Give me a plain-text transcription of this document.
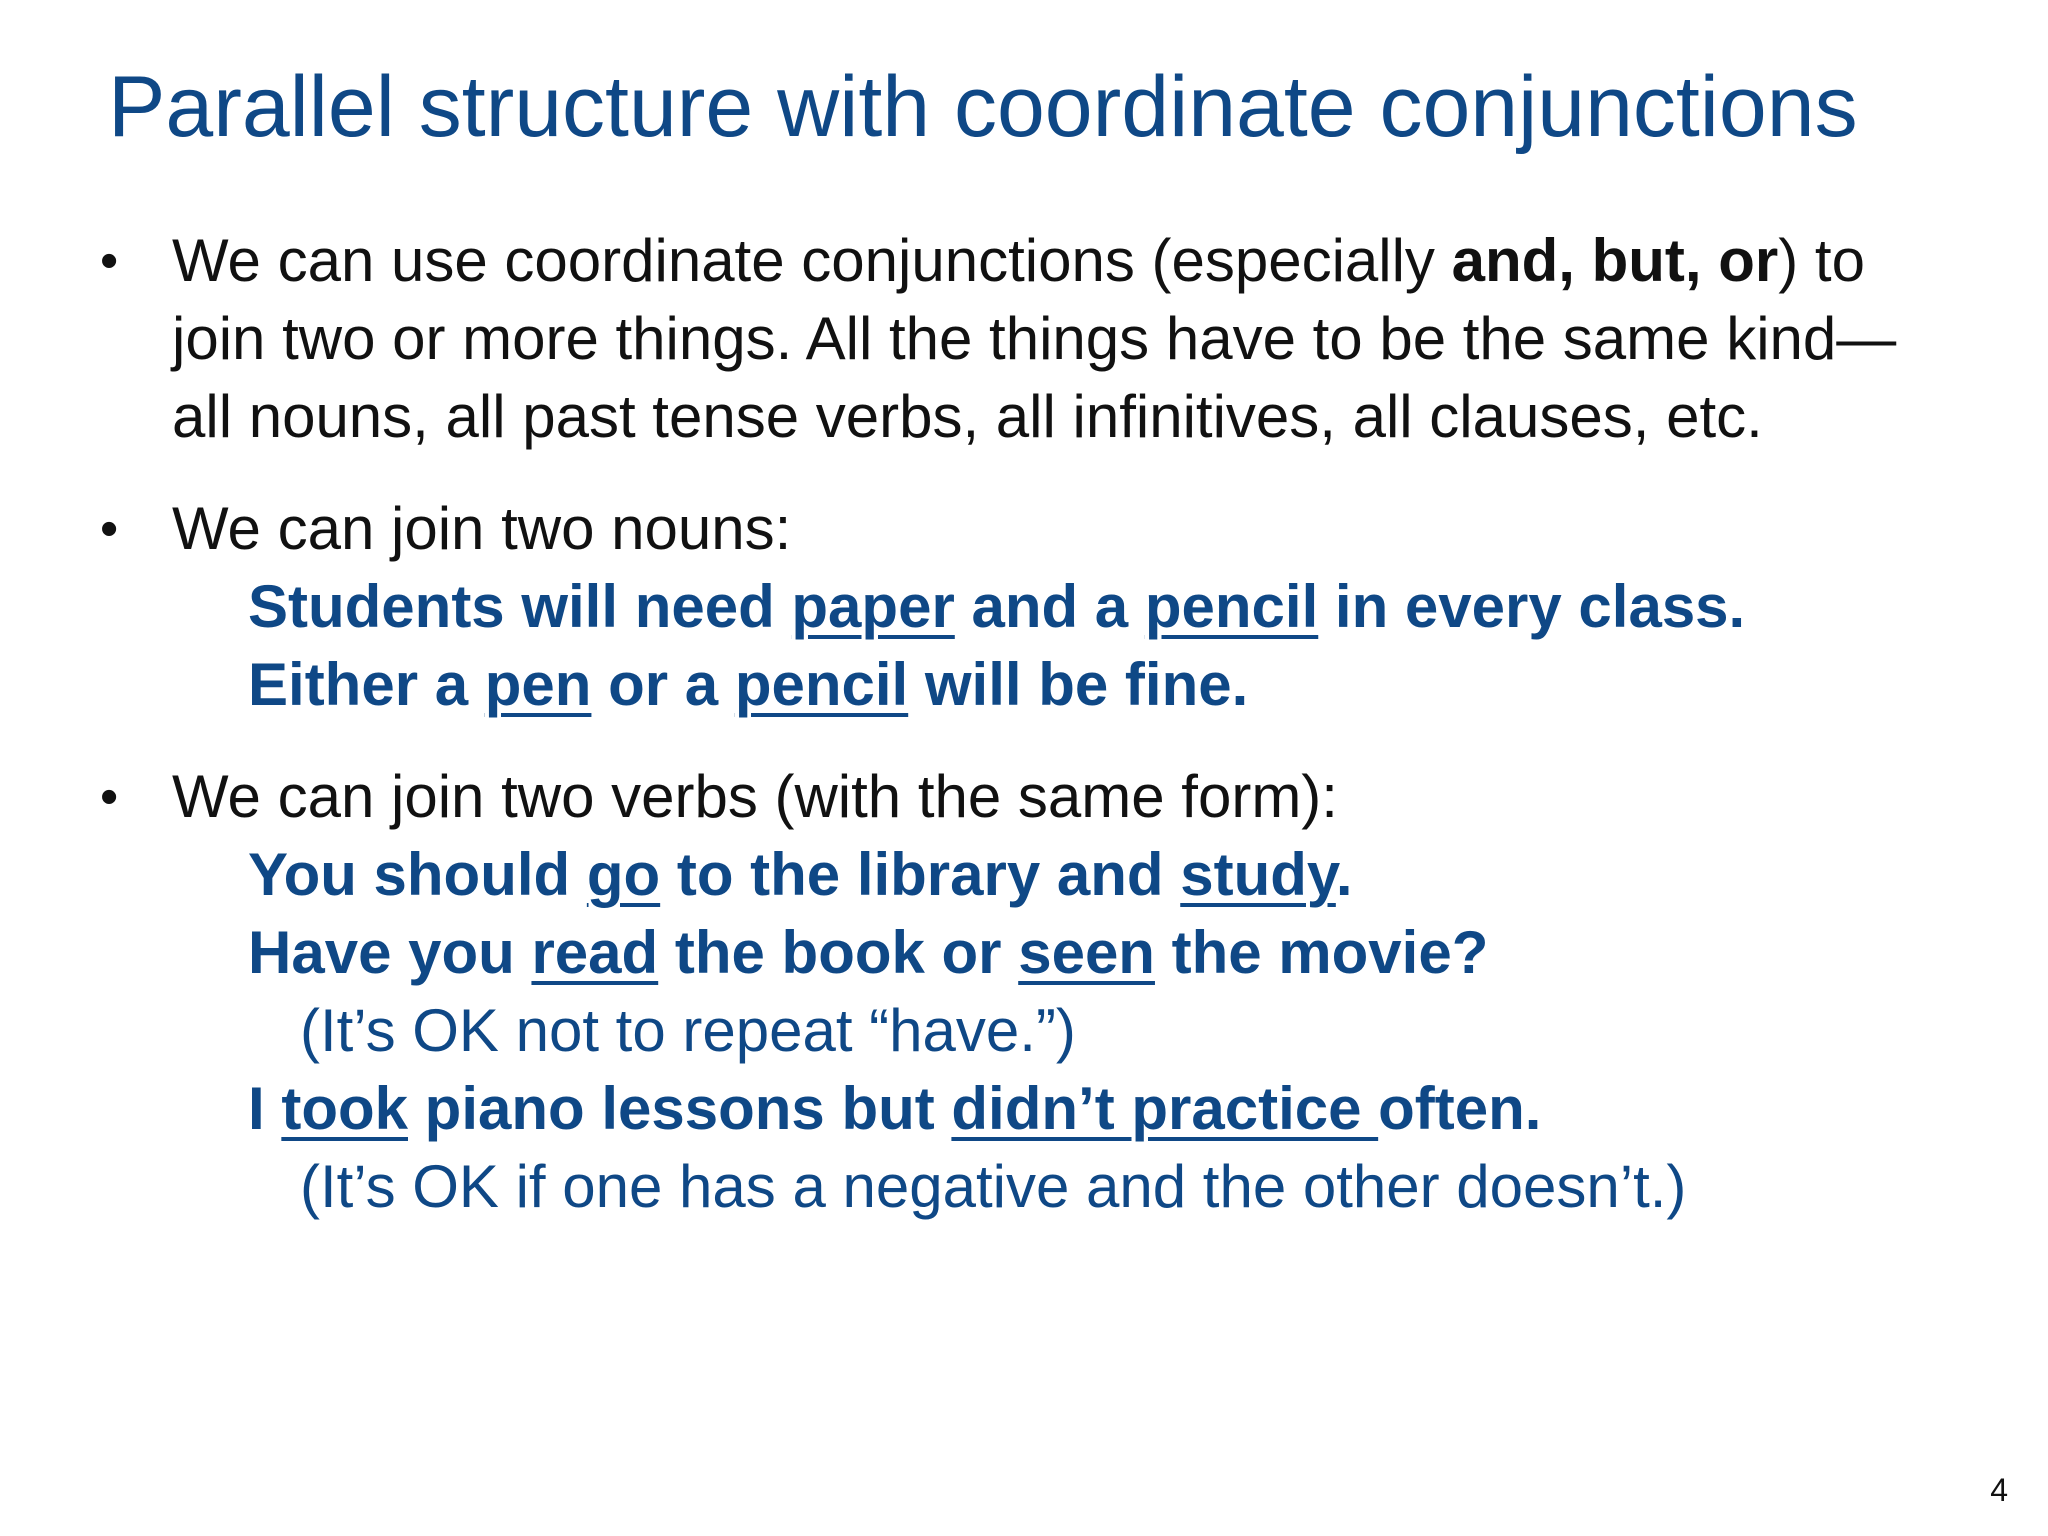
Parallel structure with coordinate conjunctions
• We can use coordinate conjunctions (especially and, but, or) to join two or more things. All the things have to be the same kind—all nouns, all past tense verbs, all infinitives, all clauses, etc.
• We can join two nouns:
Students will need paper and a pencil in every class.
Either a pen or a pencil will be fine.
• We can join two verbs (with the same form):
You should go to the library and study.
Have you read the book or seen the movie?
(It’s OK not to repeat “have.”)
I took piano lessons but didn’t practice often.
(It’s OK if one has a negative and the other doesn’t.)
4
